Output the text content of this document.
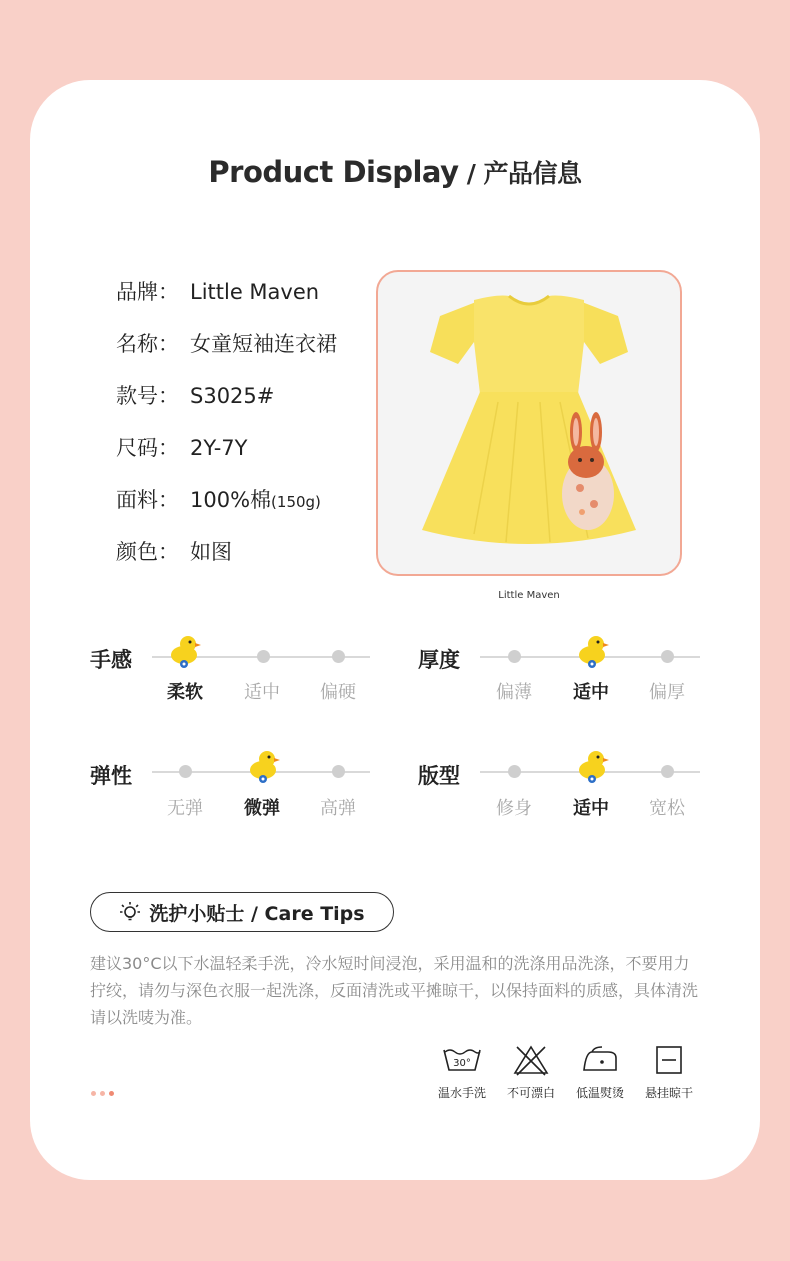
Product Display / 产品信息
品牌： Little Maven
名称： 女童短袖连衣裙
款号： S3025#
尺码： 2Y-7Y
面料： 100%棉(150g)
颜色： 如图
Little Maven
手感
柔软	适中	偏硬
厚度
偏薄	适中	偏厚
弹性
无弹	微弹	高弹
版型
修身	适中	宽松
洗护小贴士 / Care Tips
建议30°C以下水温轻柔手洗，冷水短时间浸泡，采用温和的洗涤用品洗涤，不要用力拧绞，请勿与深色衣服一起洗涤，反面清洗或平摊晾干，以保持面料的质感，具体清洗请以洗唛为准。
30°
温水手洗	不可漂白	低温熨烫	悬挂晾干
